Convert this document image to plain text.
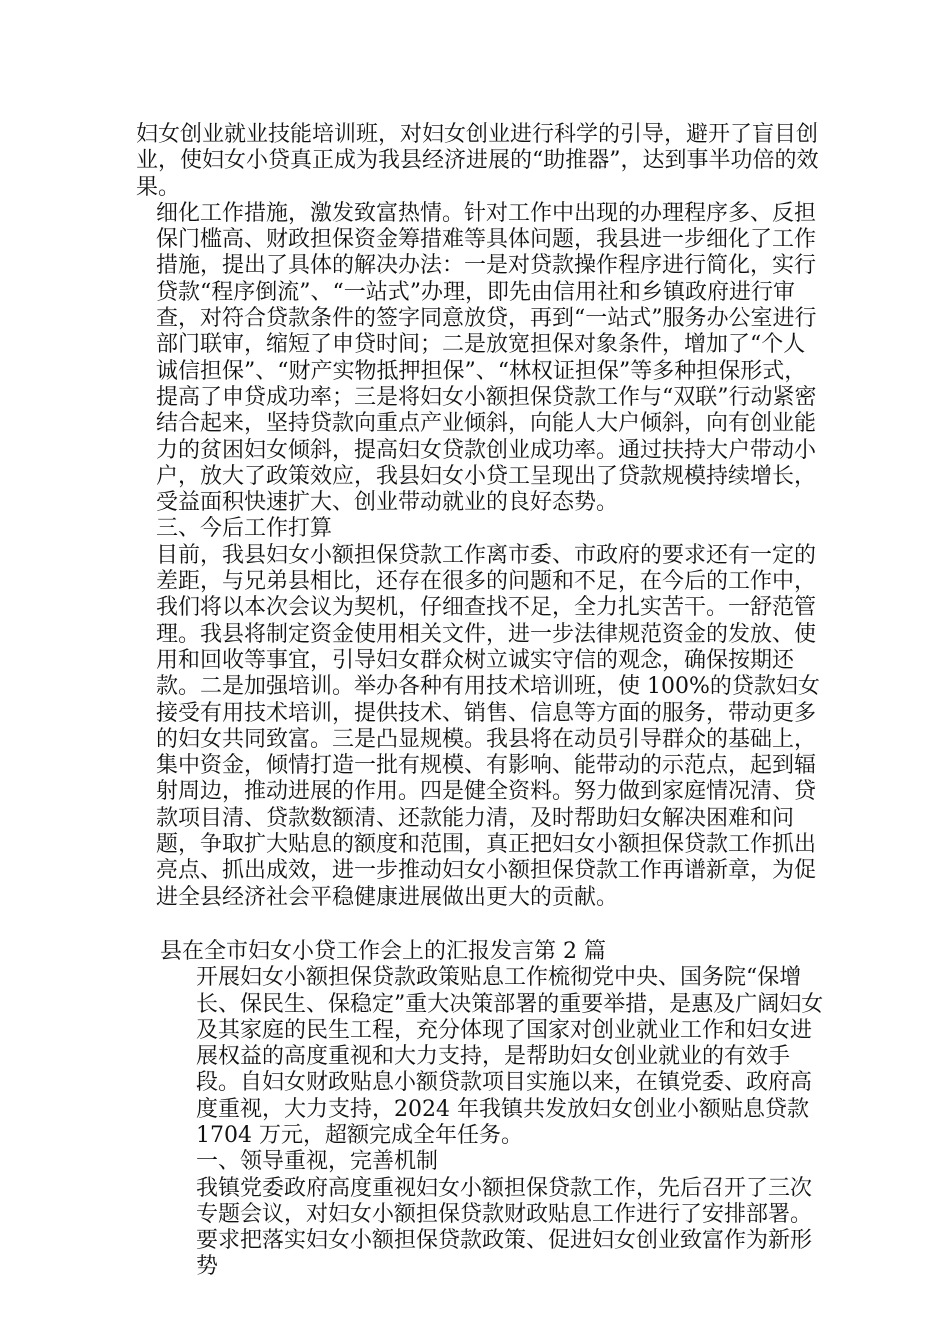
妇女创业就业技能培训班，对妇女创业进行科学的引导，避开了盲目创业，使妇女小贷真正成为我县经济进展的“助推器”，达到事半功倍的效果。

细化工作措施，激发致富热情。针对工作中出现的办理程序多、反担保门槛高、财政担保资金筹措难等具体问题，我县进一步细化了工作措施，提出了具体的解决办法：一是对贷款操作程序进行简化，实行贷款“程序倒流”、“一站式”办理，即先由信用社和乡镇政府进行审查，对符合贷款条件的签字同意放贷，再到“一站式”服务办公室进行部门联审，缩短了申贷时间；二是放宽担保对象条件，增加了“个人诚信担保”、“财产实物抵押担保”、“林权证担保”等多种担保形式，提高了申贷成功率；三是将妇女小额担保贷款工作与“双联”行动紧密结合起来，坚持贷款向重点产业倾斜，向能人大户倾斜，向有创业能力的贫困妇女倾斜，提高妇女贷款创业成功率。通过扶持大户带动小户，放大了政策效应，我县妇女小贷工呈现出了贷款规模持续增长，受益面积快速扩大、创业带动就业的良好态势。

三、今后工作打算

目前，我县妇女小额担保贷款工作离市委、市政府的要求还有一定的差距，与兄弟县相比，还存在很多的问题和不足，在今后的工作中，我们将以本次会议为契机，仔细查找不足，全力扎实苦干。一舒范管理。我县将制定资金使用相关文件，进一步法律规范资金的发放、使用和回收等事宜，引导妇女群众树立诚实守信的观念，确保按期还款。二是加强培训。举办各种有用技术培训班，使 100%的贷款妇女接受有用技术培训，提供技术、销售、信息等方面的服务，带动更多的妇女共同致富。三是凸显规模。我县将在动员引导群众的基础上，集中资金，倾情打造一批有规模、有影响、能带动的示范点，起到辐射周边，推动进展的作用。四是健全资料。努力做到家庭情况清、贷款项目清、贷款数额清、还款能力清，及时帮助妇女解决困难和问题，争取扩大贴息的额度和范围，真正把妇女小额担保贷款工作抓出亮点、抓出成效，进一步推动妇女小额担保贷款工作再谱新章，为促进全县经济社会平稳健康进展做出更大的贡献。

县在全市妇女小贷工作会上的汇报发言第 2 篇

开展妇女小额担保贷款政策贴息工作梳彻党中央、国务院“保增长、保民生、保稳定”重大决策部署的重要举措，是惠及广阔妇女及其家庭的民生工程，充分体现了国家对创业就业工作和妇女进展权益的高度重视和大力支持，是帮助妇女创业就业的有效手段。自妇女财政贴息小额贷款项目实施以来，在镇党委、政府高度重视，大力支持，2024 年我镇共发放妇女创业小额贴息贷款 1704 万元，超额完成全年任务。

一、领导重视，完善机制

我镇党委政府高度重视妇女小额担保贷款工作，先后召开了三次专题会议，对妇女小额担保贷款财政贴息工作进行了安排部署。要求把落实妇女小额担保贷款政策、促进妇女创业致富作为新形势
